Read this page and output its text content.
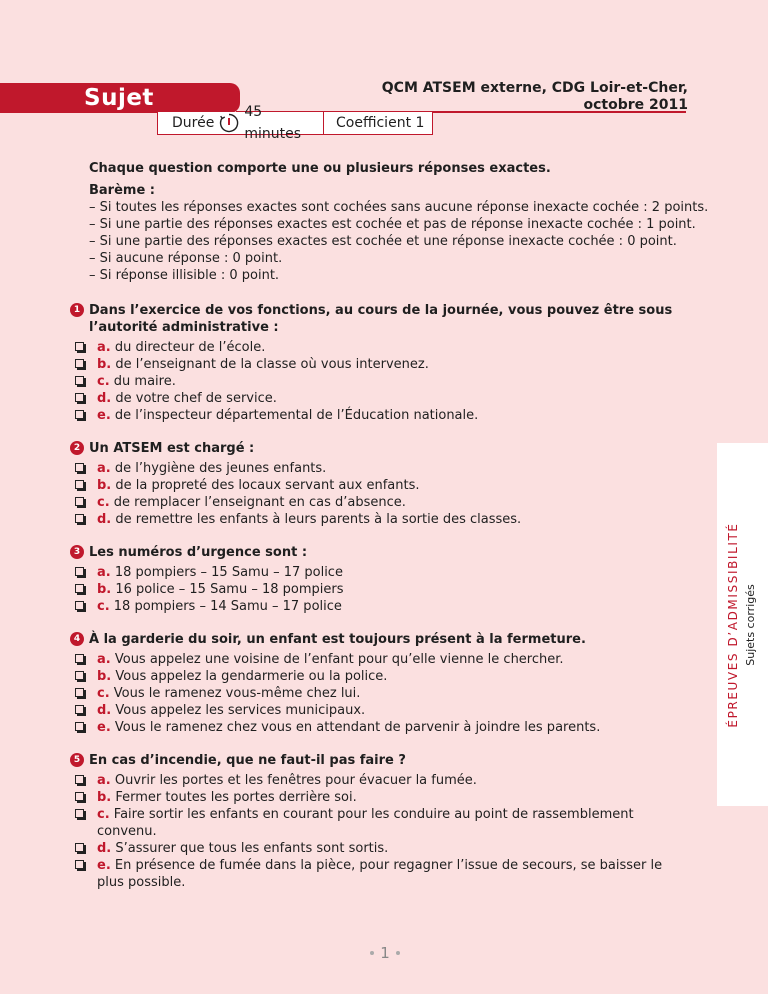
Sujet	QCM ATSEM externe, CDG Loir-et-Cher,
octobre 2011
Durée
45 minutes
Coefficient 1
Chaque question comporte une ou plusieurs réponses exactes.
Barème :
– Si toutes les réponses exactes sont cochées sans aucune réponse inexacte cochée : 2 points.
– Si une partie des réponses exactes est cochée et pas de réponse inexacte cochée : 1 point.
– Si une partie des réponses exactes est cochée et une réponse inexacte cochée : 0 point.
– Si aucune réponse : 0 point.
– Si réponse illisible : 0 point.
1 Dans l’exercice de vos fonctions, au cours de la journée, vous pouvez être sous l’autorité administrative :
a. du directeur de l’école.
b. de l’enseignant de la classe où vous intervenez.
c. du maire.
d. de votre chef de service.
e. de l’inspecteur départemental de l’Éducation nationale.
2 Un ATSEM est chargé :
a. de l’hygiène des jeunes enfants.
b. de la propreté des locaux servant aux enfants.
c. de remplacer l’enseignant en cas d’absence.
d. de remettre les enfants à leurs parents à la sortie des classes.
3 Les numéros d’urgence sont :
a. 18 pompiers – 15 Samu – 17 police
b. 16 police – 15 Samu – 18 pompiers
c. 18 pompiers – 14 Samu – 17 police
4 À la garderie du soir, un enfant est toujours présent à la fermeture.
a. Vous appelez une voisine de l’enfant pour qu’elle vienne le chercher.
b. Vous appelez la gendarmerie ou la police.
c. Vous le ramenez vous-même chez lui.
d. Vous appelez les services municipaux.
e. Vous le ramenez chez vous en attendant de parvenir à joindre les parents.
5 En cas d’incendie, que ne faut-il pas faire ?
a. Ouvrir les portes et les fenêtres pour évacuer la fumée.
b. Fermer toutes les portes derrière soi.
c. Faire sortir les enfants en courant pour les conduire au point de rassemblement convenu.
d. S’assurer que tous les enfants sont sortis.
e. En présence de fumée dans la pièce, pour regagner l’issue de secours, se baisser le plus possible.
ÉPREUVES D’ADMISSIBILITÉ Sujets corrigés
1
